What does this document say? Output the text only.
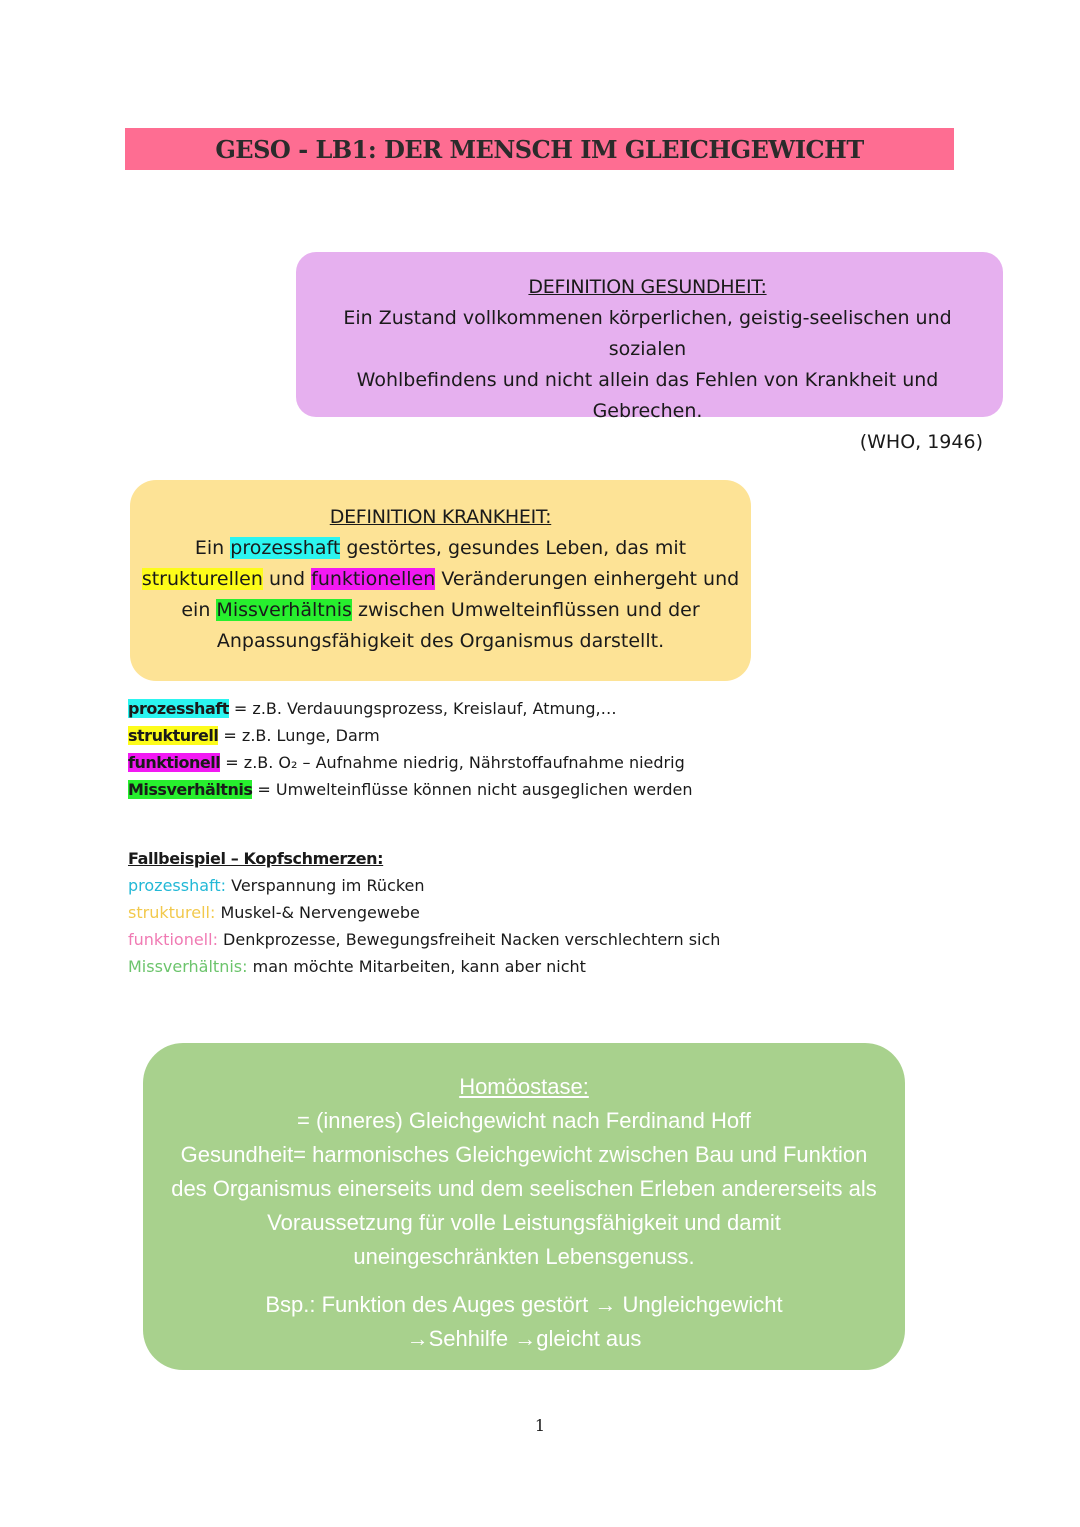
GESO - LB1: DER MENSCH IM GLEICHGEWICHT
DEFINITION GESUNDHEIT:
Ein Zustand vollkommenen körperlichen, geistig-seelischen und sozialen
Wohlbefindens und nicht allein das Fehlen von Krankheit und Gebrechen.
(WHO, 1946)
DEFINITION KRANKHEIT:
Ein prozesshaft gestörtes, gesundes Leben, das mit
strukturellen und funktionellen Veränderungen einhergeht und
ein Missverhältnis zwischen Umwelteinflüssen und der
Anpassungsfähigkeit des Organismus darstellt.
prozesshaft = z.B. Verdauungsprozess, Kreislauf, Atmung,…
strukturell = z.B. Lunge, Darm
funktionell = z.B. O₂ – Aufnahme niedrig, Nährstoffaufnahme niedrig
Missverhältnis = Umwelteinflüsse können nicht ausgeglichen werden
Fallbeispiel – Kopfschmerzen:
prozesshaft: Verspannung im Rücken
strukturell: Muskel-& Nervengewebe
funktionell: Denkprozesse, Bewegungsfreiheit Nacken verschlechtern sich
Missverhältnis: man möchte Mitarbeiten, kann aber nicht
Homöostase:
= (inneres) Gleichgewicht nach Ferdinand Hoff
Gesundheit= harmonisches Gleichgewicht zwischen Bau und Funktion
des Organismus einerseits und dem seelischen Erleben andererseits als
Voraussetzung für volle Leistungsfähigkeit und damit
uneingeschränkten Lebensgenuss.
Bsp.: Funktion des Auges gestört → Ungleichgewicht
→Sehhilfe →gleicht aus
1
